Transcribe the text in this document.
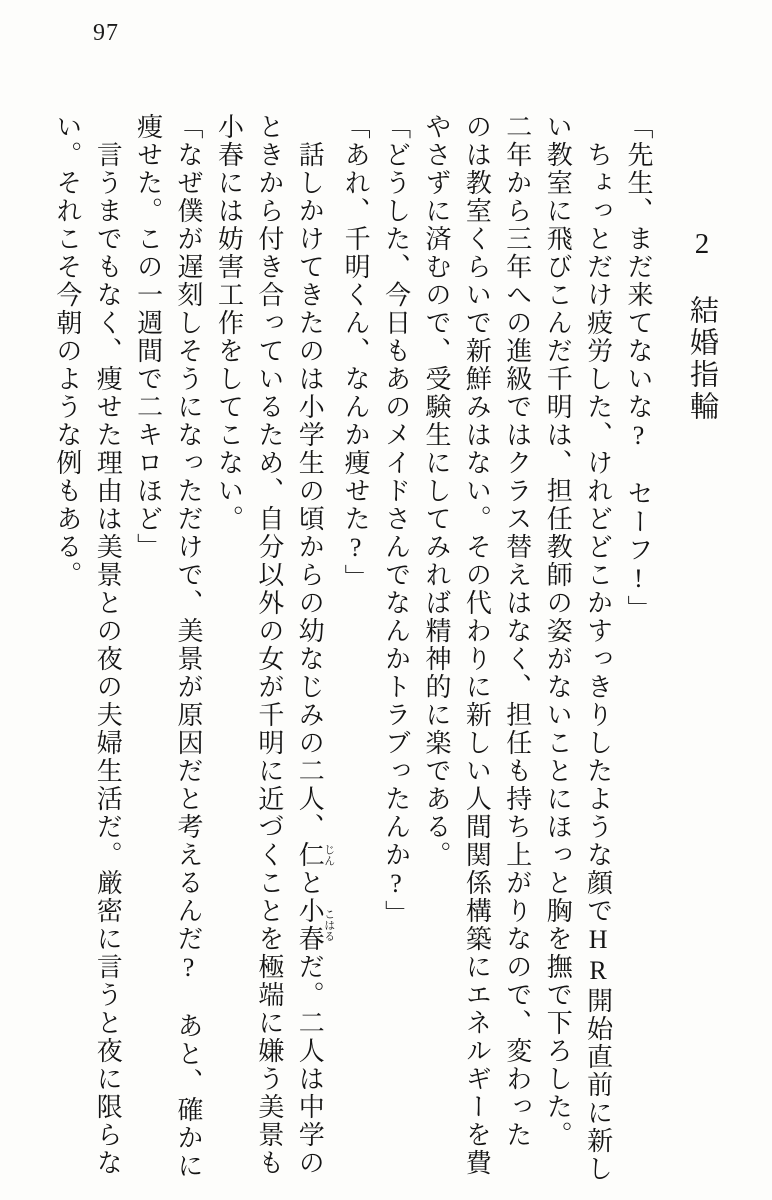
97
2　結婚指輪

「先生、まだ来てないな?　セーフ!」

ちょっとだけ疲労した、けれどどこかすっきりしたような顔でHR開始直前に新し

い教室に飛びこんだ千明は、担任教師の姿がないことにほっと胸を撫で下ろした。

二年から三年への進級ではクラス替えはなく、担任も持ち上がりなので、変わった

のは教室くらいで新鮮みはない。その代わりに新しい人間関係構築にエネルギーを費

やさずに済むので、受験生にしてみれば精神的に楽である。

「どうした、今日もあのメイドさんでなんかトラブったんか?」

「あれ、千明くん、なんか痩せた?」

話しかけてきたのは小学生の頃からの幼なじみの二人、仁じんと小春こはるだ。二人は中学の

ときから付き合っているため、自分以外の女が千明に近づくことを極端に嫌う美景も

小春には妨害工作をしてこない。

「なぜ僕が遅刻しそうになっただけで、美景が原因だと考えるんだ?　あと、確かに

痩せた。この一週間で二キロほど」

言うまでもなく、痩せた理由は美景との夜の夫婦生活だ。厳密に言うと夜に限らな

い。それこそ今朝のような例もある。
